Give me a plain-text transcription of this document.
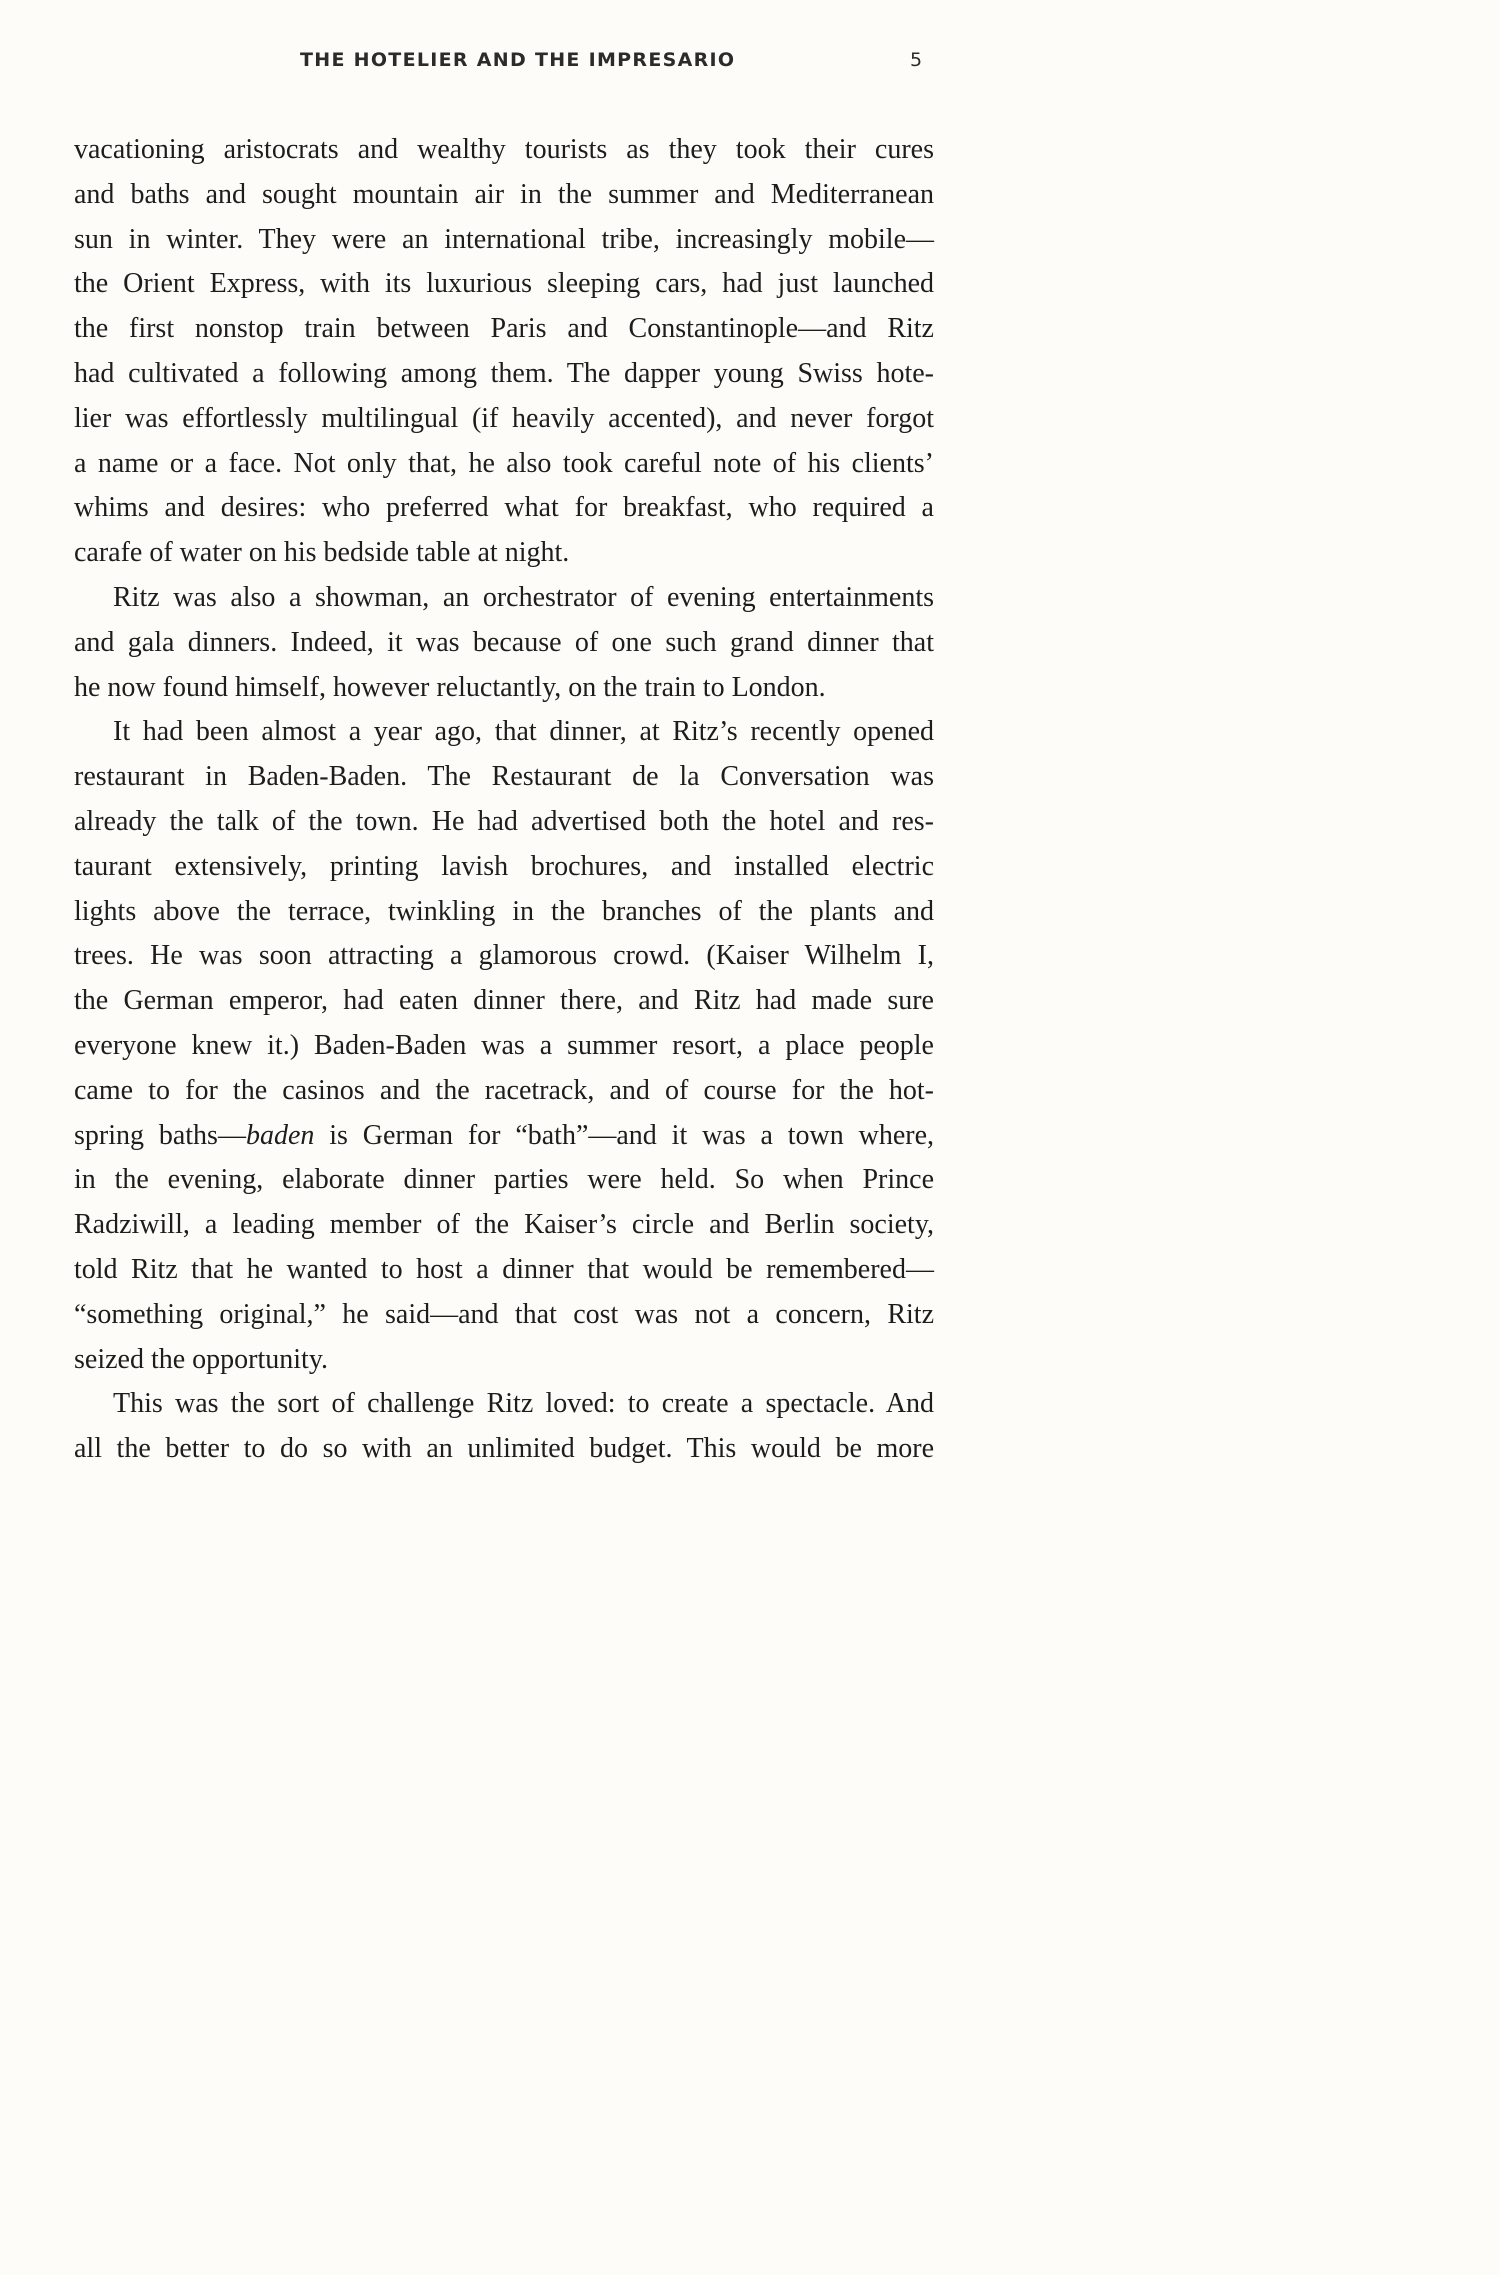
THE HOTELIER AND THE IMPRESARIO	5
vacationing aristocrats and wealthy tourists as they took their cures
and baths and sought mountain air in the summer and Mediterranean
sun in winter. They were an international tribe, increasingly mobile—
the Orient Express, with its luxurious sleeping cars, had just launched
the first nonstop train between Paris and Constantinople—and Ritz
had cultivated a following among them. The dapper young Swiss hote-
lier was effortlessly multilingual (if heavily accented), and never forgot
a name or a face. Not only that, he also took careful note of his clients’
whims and desires: who preferred what for breakfast, who required a
carafe of water on his bedside table at night.
Ritz was also a showman, an orchestrator of evening entertainments
and gala dinners. Indeed, it was because of one such grand dinner that
he now found himself, however reluctantly, on the train to London.
It had been almost a year ago, that dinner, at Ritz’s recently opened
restaurant in Baden-Baden. The Restaurant de la Conversation was
already the talk of the town. He had advertised both the hotel and res-
taurant extensively, printing lavish brochures, and installed electric
lights above the terrace, twinkling in the branches of the plants and
trees. He was soon attracting a glamorous crowd. (Kaiser Wilhelm I,
the German emperor, had eaten dinner there, and Ritz had made sure
everyone knew it.) Baden-Baden was a summer resort, a place people
came to for the casinos and the racetrack, and of course for the hot-
spring baths—baden is German for “bath”—and it was a town where,
in the evening, elaborate dinner parties were held. So when Prince
Radziwill, a leading member of the Kaiser’s circle and Berlin society,
told Ritz that he wanted to host a dinner that would be remembered—
“something original,” he said—and that cost was not a concern, Ritz
seized the opportunity.
This was the sort of challenge Ritz loved: to create a spectacle. And
all the better to do so with an unlimited budget. This would be more
